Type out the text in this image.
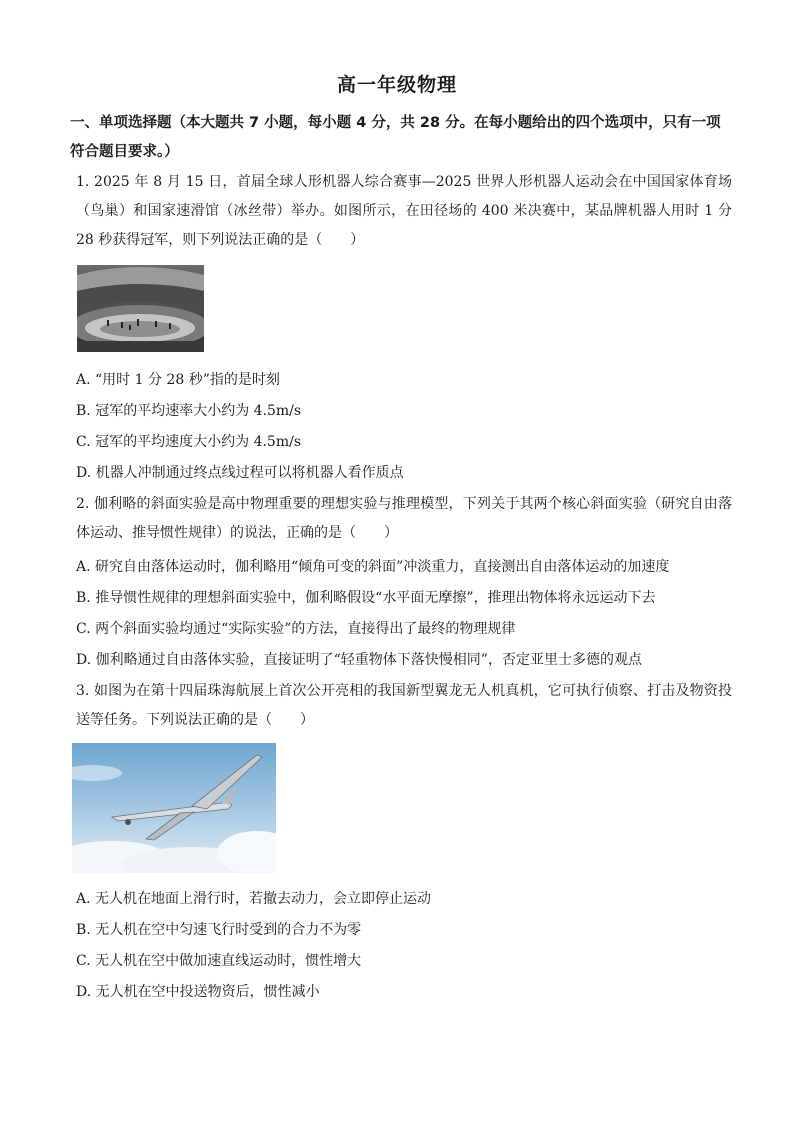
高一年级物理
一、单项选择题（本大题共 7 小题，每小题 4 分，共 28 分。在每小题给出的四个选项中，只有一项符合题目要求。）
1. 2025 年 8 月 15 日，首届全球人形机器人综合赛事—2025 世界人形机器人运动会在中国国家体育场（鸟巢）和国家速滑馆（冰丝带）举办。如图所示，在田径场的 400 米决赛中，某品牌机器人用时 1 分 28 秒获得冠军，则下列说法正确的是（　　）
A. “用时 1 分 28 秒”指的是时刻
B. 冠军的平均速率大小约为 4.5m/s
C. 冠军的平均速度大小约为 4.5m/s
D. 机器人冲制通过终点线过程可以将机器人看作质点
2. 伽利略的斜面实验是高中物理重要的理想实验与推理模型，下列关于其两个核心斜面实验（研究自由落体运动、推导惯性规律）的说法，正确的是（　　）
A. 研究自由落体运动时，伽利略用“倾角可变的斜面”冲淡重力，直接测出自由落体运动的加速度
B. 推导惯性规律的理想斜面实验中，伽利略假设“水平面无摩擦”，推理出物体将永远运动下去
C. 两个斜面实验均通过“实际实验”的方法，直接得出了最终的物理规律
D. 伽利略通过自由落体实验，直接证明了“轻重物体下落快慢相同”，否定亚里士多德的观点
3. 如图为在第十四届珠海航展上首次公开亮相的我国新型翼龙无人机真机，它可执行侦察、打击及物资投送等任务。下列说法正确的是（　　）
A. 无人机在地面上滑行时，若撤去动力，会立即停止运动
B. 无人机在空中匀速飞行时受到的合力不为零
C. 无人机在空中做加速直线运动时，惯性增大
D. 无人机在空中投送物资后，惯性减小
